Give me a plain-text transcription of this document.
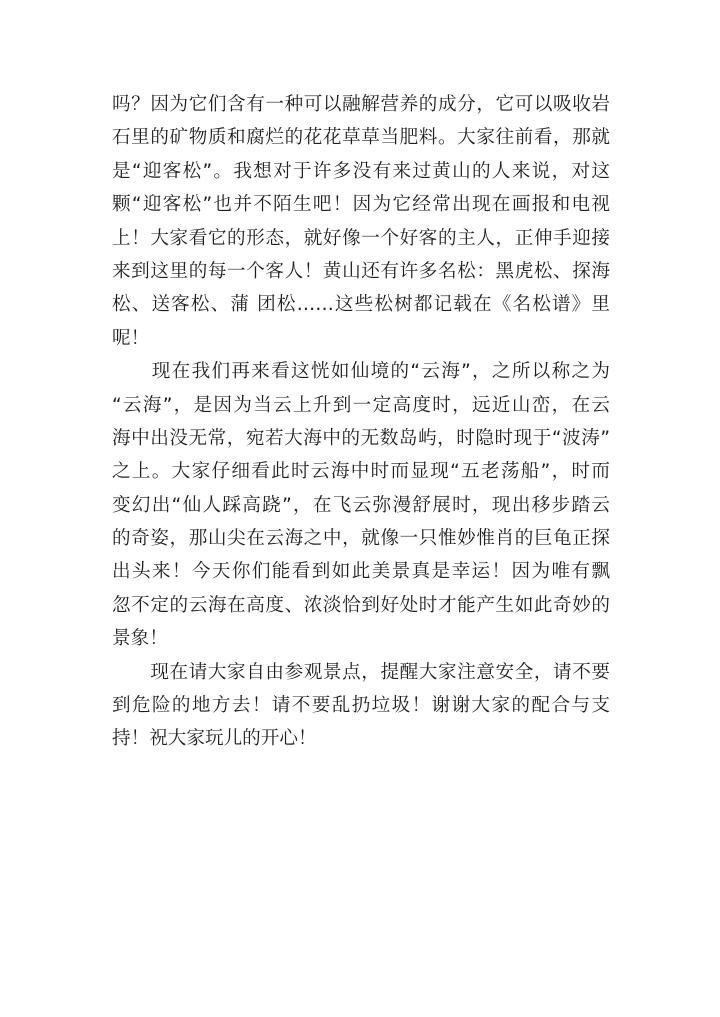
吗？因为它们含有一种可以融解营养的成分，它可以吸收岩
石里的矿物质和腐烂的花花草草当肥料。大家往前看，那就
是“迎客松”。我想对于许多没有来过黄山的人来说，对这
颗“迎客松”也并不陌生吧！因为它经常出现在画报和电视
上！大家看它的形态，就好像一个好客的主人，正伸手迎接
来到这里的每一个客人！黄山还有许多名松：黑虎松、探海
松、送客松、蒲 团松……这些松树都记载在《名松谱》里
呢！
　　现在我们再来看这恍如仙境的“云海”，之所以称之为
“云海”，是因为当云上升到一定高度时，远近山峦，在云
海中出没无常，宛若大海中的无数岛屿，时隐时现于“波涛”
之上。大家仔细看此时云海中时而显现“五老荡船”，时而
变幻出“仙人踩高跷”，在飞云弥漫舒展时，现出移步踏云
的奇姿，那山尖在云海之中，就像一只惟妙惟肖的巨龟正探
出头来！今天你们能看到如此美景真是幸运！因为唯有飘
忽不定的云海在高度、浓淡恰到好处时才能产生如此奇妙的
景象！
　　现在请大家自由参观景点，提醒大家注意安全，请不要
到危险的地方去！请不要乱扔垃圾！谢谢大家的配合与支
持！祝大家玩儿的开心！
